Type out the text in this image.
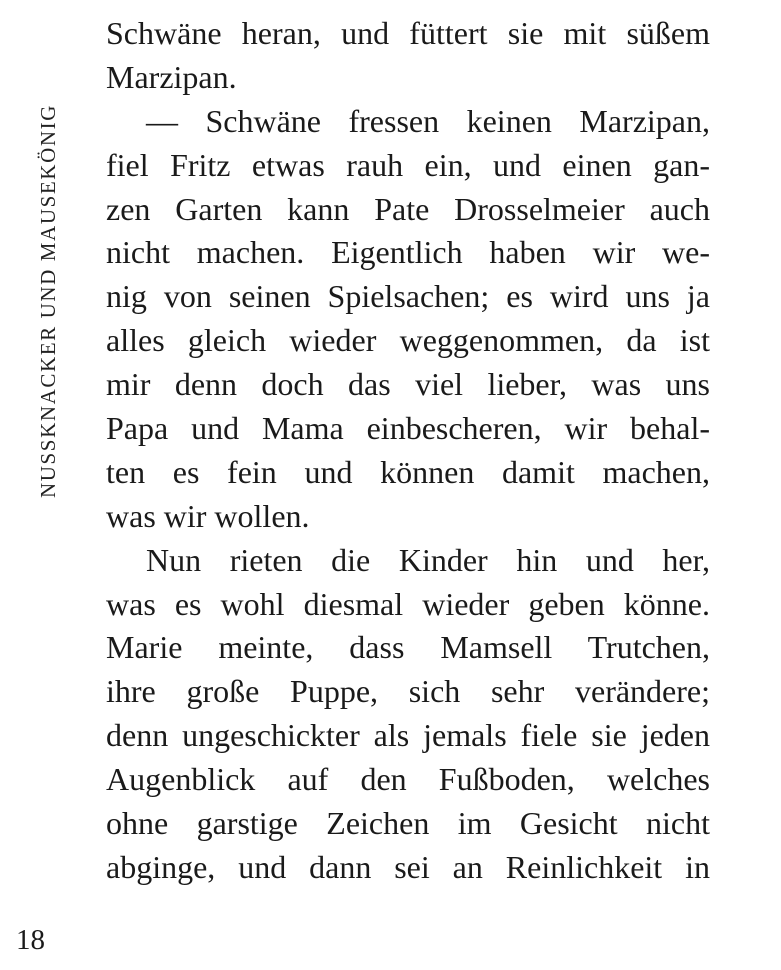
NUSSKNACKER UND MAUSEKÖNIG
Schwäne heran, und füttert sie mit süßem
Marzipan.
— Schwäne fressen keinen Marzipan,
fiel Fritz etwas rauh ein, und einen gan-
zen Garten kann Pate Drosselmeier auch
nicht machen. Eigentlich haben wir we-
nig von seinen Spielsachen; es wird uns ja
alles gleich wieder weggenommen, da ist
mir denn doch das viel lieber, was uns
Papa und Mama einbescheren, wir behal-
ten es fein und können damit machen,
was wir wollen.
Nun rieten die Kinder hin und her,
was es wohl diesmal wieder geben könne.
Marie meinte, dass Mamsell Trutchen,
ihre große Puppe, sich sehr verändere;
denn ungeschickter als jemals fiele sie jeden
Augenblick auf den Fußboden, welches
ohne garstige Zeichen im Gesicht nicht
abginge, und dann sei an Reinlichkeit in
18
